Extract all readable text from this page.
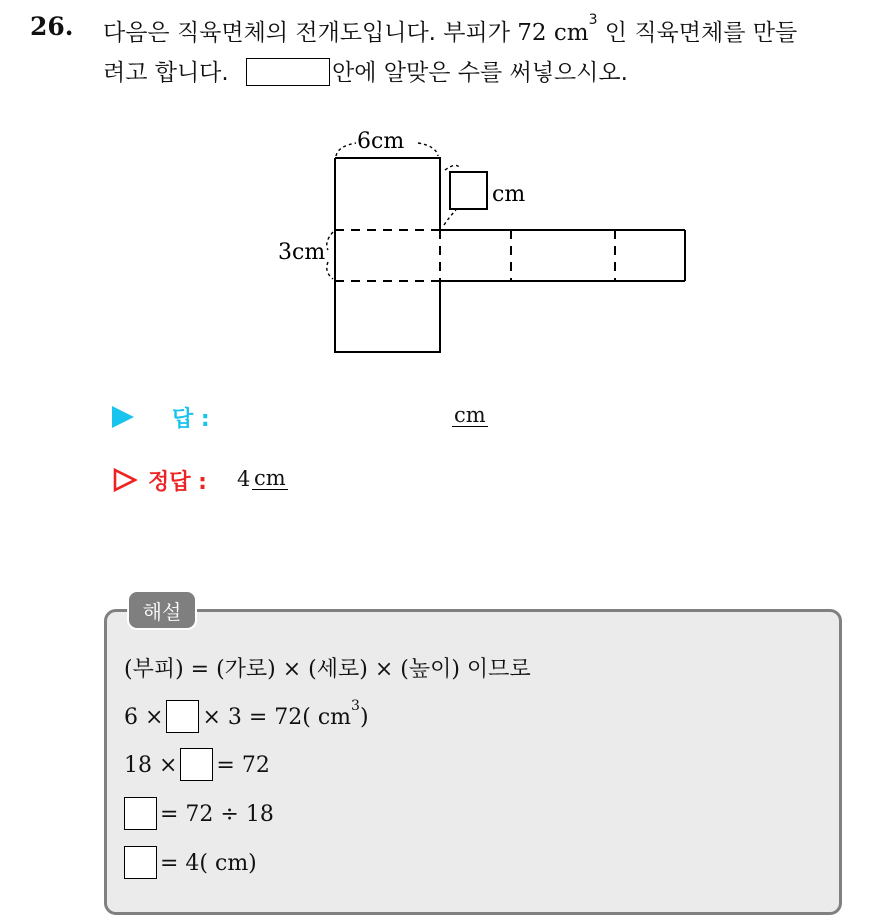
26. 다음은 직육면체의 전개도입니다. 부피가 72 $cm^3$ 인 직육면체를 만들
려고 합니다.	안에 알맞은 수를 써넣으시오.
6cm
3cm
cm
답 :	cm
정답 : 4 cm
해설
(부피) = (가로) × (세로) × (높이) 이므로
6 × × 3 = 72( $cm^3$)
18 × = 72
= 72 ÷ 18
= 4( cm)
